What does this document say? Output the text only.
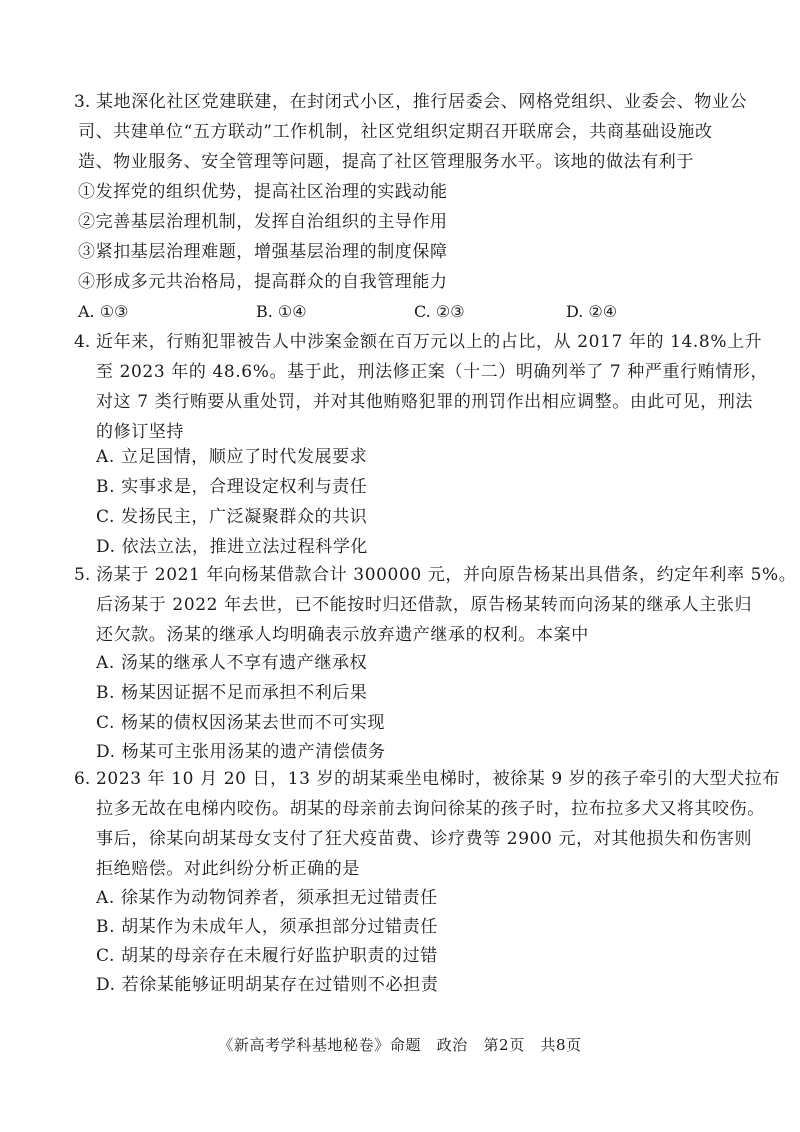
3. 某地深化社区党建联建，在封闭式小区，推行居委会、网格党组织、业委会、物业公
司、共建单位“五方联动”工作机制，社区党组织定期召开联席会，共商基础设施改
造、物业服务、安全管理等问题，提高了社区管理服务水平。该地的做法有利于
①发挥党的组织优势，提高社区治理的实践动能
②完善基层治理机制，发挥自治组织的主导作用
③紧扣基层治理难题，增强基层治理的制度保障
④形成多元共治格局，提高群众的自我管理能力
A. ①③	B. ①④	C. ②③	D. ②④
4. 近年来，行贿犯罪被告人中涉案金额在百万元以上的占比，从 2017 年的 14.8%上升
至 2023 年的 48.6%。基于此，刑法修正案（十二）明确列举了 7 种严重行贿情形，
对这 7 类行贿要从重处罚，并对其他贿赂犯罪的刑罚作出相应调整。由此可见，刑法
的修订坚持
A. 立足国情，顺应了时代发展要求
B. 实事求是，合理设定权利与责任
C. 发扬民主，广泛凝聚群众的共识
D. 依法立法，推进立法过程科学化
5. 汤某于 2021 年向杨某借款合计 300000 元，并向原告杨某出具借条，约定年利率 5%。
后汤某于 2022 年去世，已不能按时归还借款，原告杨某转而向汤某的继承人主张归
还欠款。汤某的继承人均明确表示放弃遗产继承的权利。本案中
A. 汤某的继承人不享有遗产继承权
B. 杨某因证据不足而承担不利后果
C. 杨某的债权因汤某去世而不可实现
D. 杨某可主张用汤某的遗产清偿债务
6. 2023 年 10 月 20 日，13 岁的胡某乘坐电梯时，被徐某 9 岁的孩子牵引的大型犬拉布
拉多无故在电梯内咬伤。胡某的母亲前去询问徐某的孩子时，拉布拉多犬又将其咬伤。
事后，徐某向胡某母女支付了狂犬疫苗费、诊疗费等 2900 元，对其他损失和伤害则
拒绝赔偿。对此纠纷分析正确的是
A. 徐某作为动物饲养者，须承担无过错责任
B. 胡某作为未成年人，须承担部分过错责任
C. 胡某的母亲存在未履行好监护职责的过错
D. 若徐某能够证明胡某存在过错则不必担责
《新高考学科基地秘卷》命题　政治　第2页　共8页
